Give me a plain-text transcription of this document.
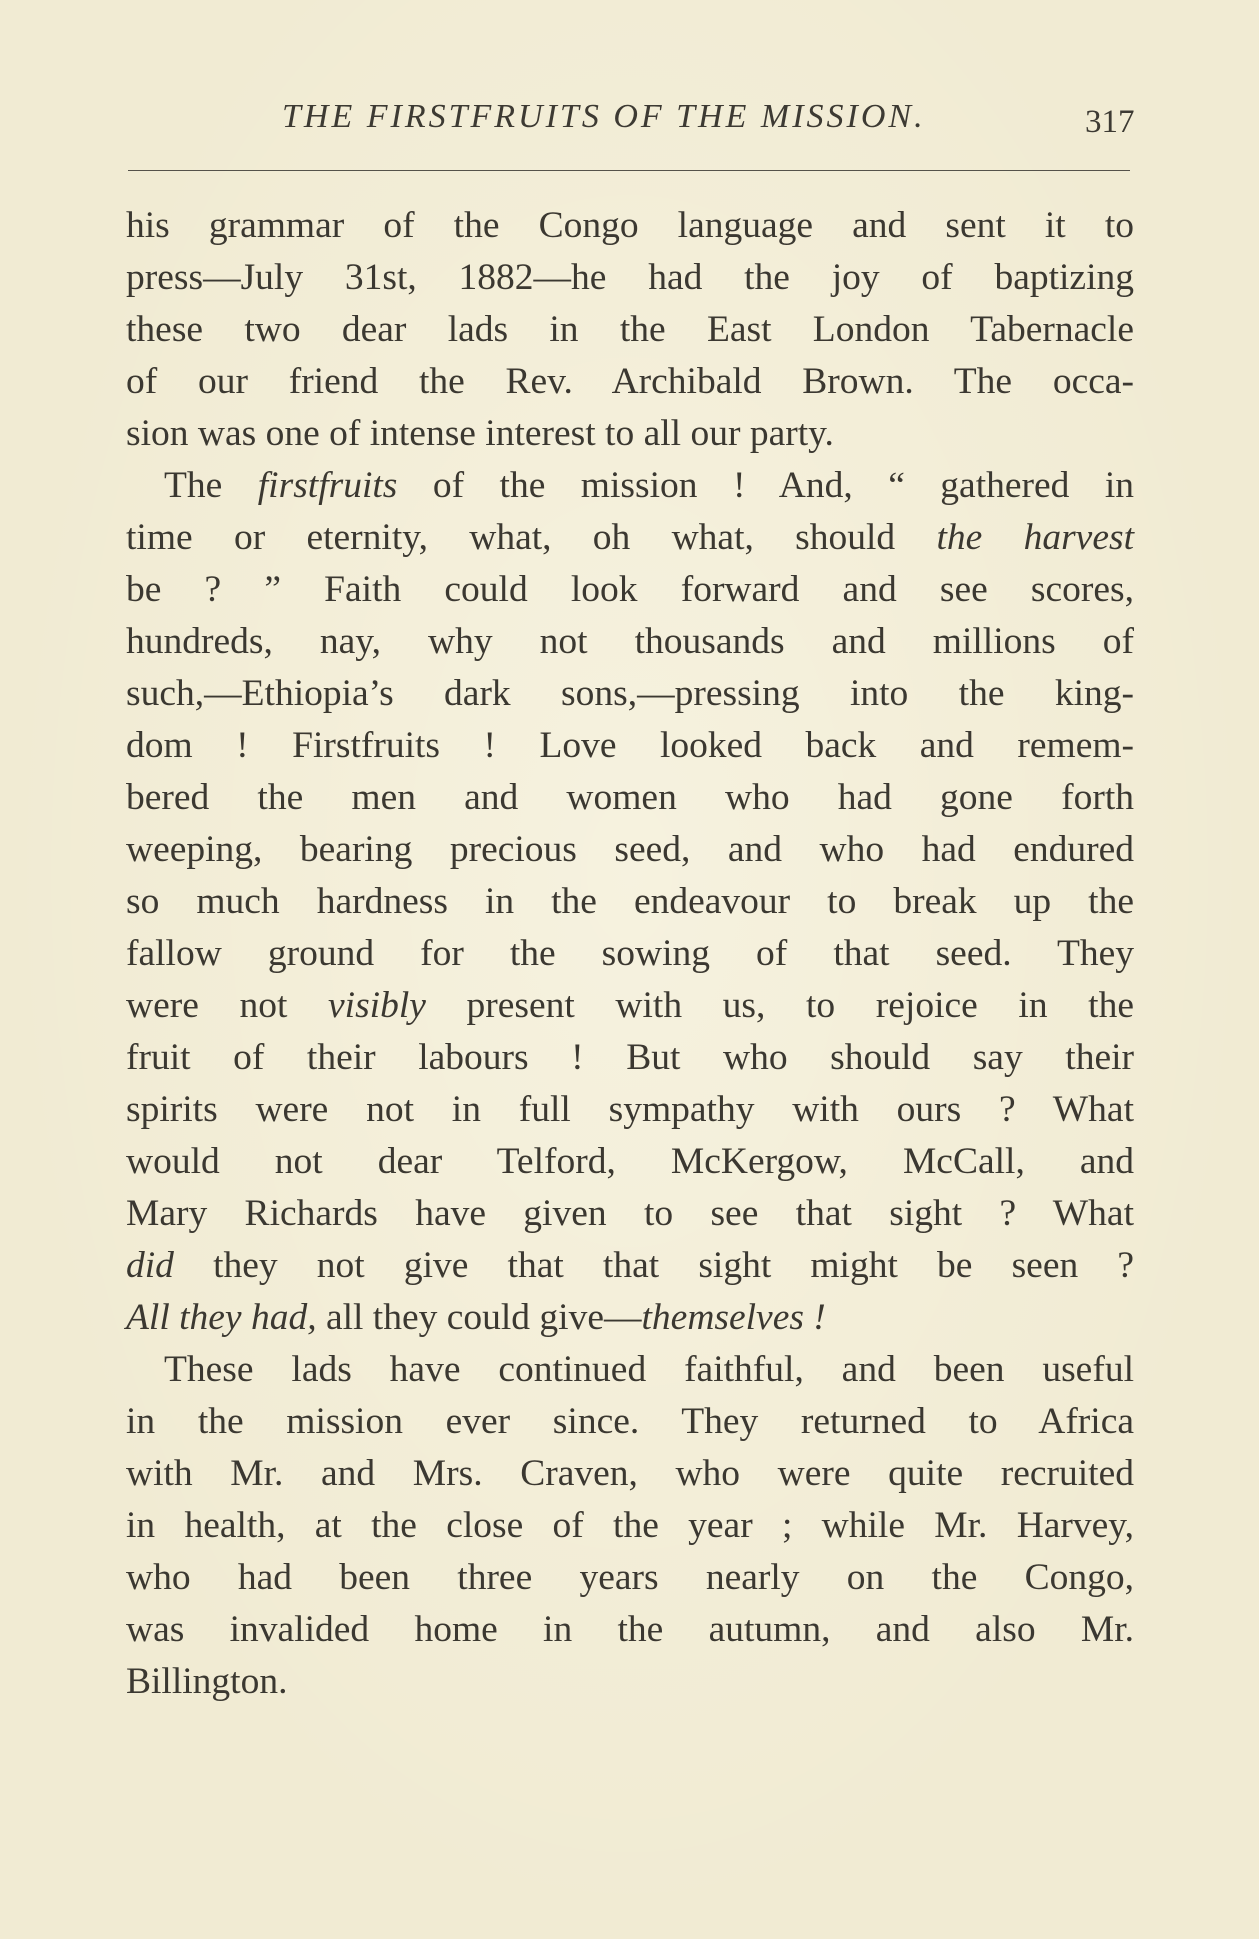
THE FIRSTFRUITS OF THE MISSION.	317

his grammar of the Congo language and sent it to
press—July 31st, 1882—he had the joy of baptizing
these two dear lads in the East London Tabernacle
of our friend the Rev. Archibald Brown. The occa-
sion was one of intense interest to all our party.

The firstfruits of the mission ! And, “ gathered in
time or eternity, what, oh what, should the harvest
be ? ” Faith could look forward and see scores,
hundreds, nay, why not thousands and millions of
such,—Ethiopia’s dark sons,—pressing into the king-
dom ! Firstfruits ! Love looked back and remem-
bered the men and women who had gone forth
weeping, bearing precious seed, and who had endured
so much hardness in the endeavour to break up the
fallow ground for the sowing of that seed. They
were not visibly present with us, to rejoice in the
fruit of their labours ! But who should say their
spirits were not in full sympathy with ours ? What
would not dear Telford, McKergow, McCall, and
Mary Richards have given to see that sight ? What
did they not give that that sight might be seen ?
All they had, all they could give—themselves !

These lads have continued faithful, and been useful
in the mission ever since. They returned to Africa
with Mr. and Mrs. Craven, who were quite recruited
in health, at the close of the year ; while Mr. Harvey,
who had been three years nearly on the Congo,
was invalided home in the autumn, and also Mr.
Billington.
